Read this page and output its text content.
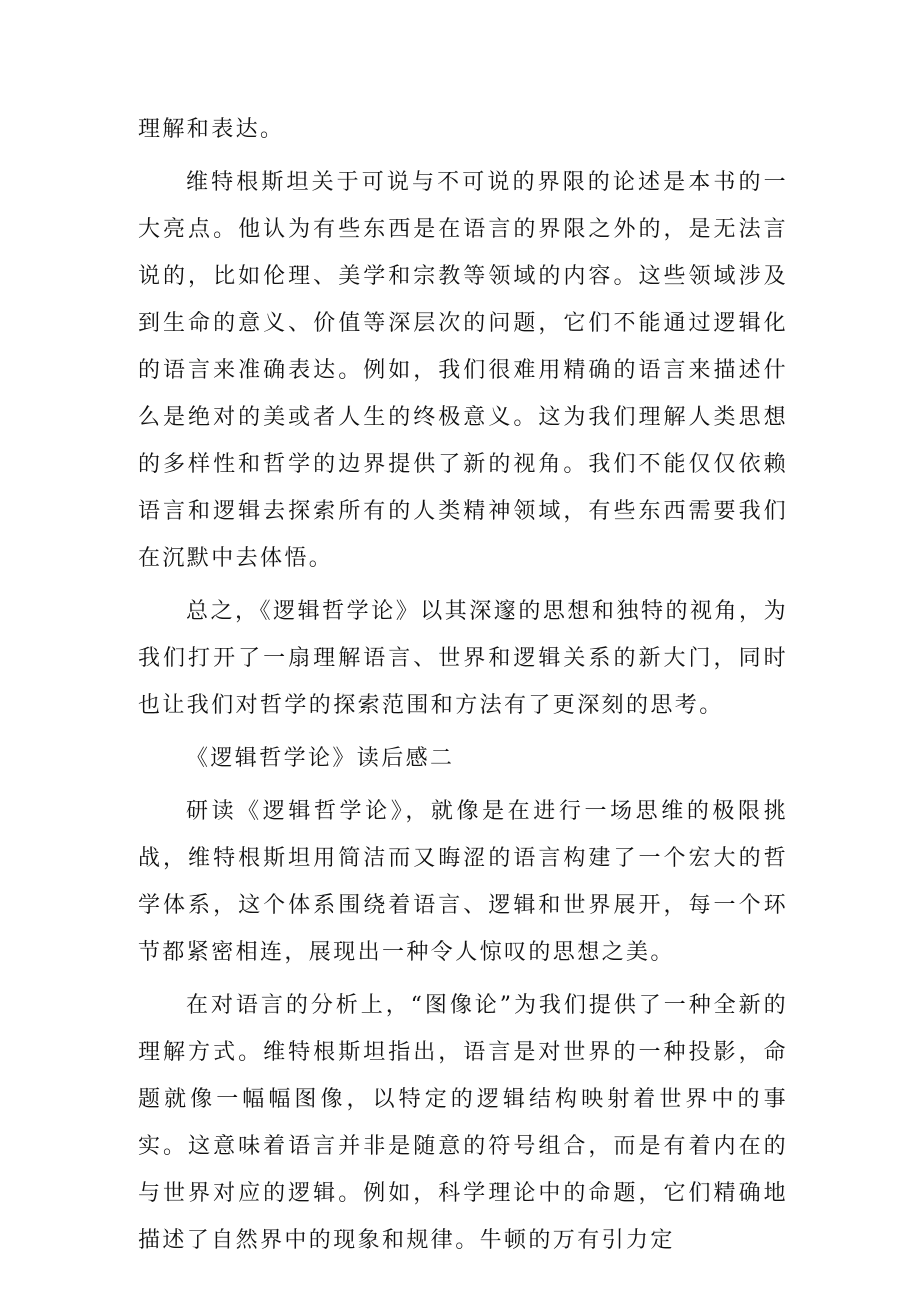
理解和表达。

维特根斯坦关于可说与不可说的界限的论述是本书的一大亮点。他认为有些东西是在语言的界限之外的，是无法言说的，比如伦理、美学和宗教等领域的内容。这些领域涉及到生命的意义、价值等深层次的问题，它们不能通过逻辑化的语言来准确表达。例如，我们很难用精确的语言来描述什么是绝对的美或者人生的终极意义。这为我们理解人类思想的多样性和哲学的边界提供了新的视角。我们不能仅仅依赖语言和逻辑去探索所有的人类精神领域，有些东西需要我们在沉默中去体悟。

总之，《逻辑哲学论》以其深邃的思想和独特的视角，为我们打开了一扇理解语言、世界和逻辑关系的新大门，同时也让我们对哲学的探索范围和方法有了更深刻的思考。

《逻辑哲学论》读后感二

研读《逻辑哲学论》，就像是在进行一场思维的极限挑战，维特根斯坦用简洁而又晦涩的语言构建了一个宏大的哲学体系，这个体系围绕着语言、逻辑和世界展开，每一个环节都紧密相连，展现出一种令人惊叹的思想之美。

在对语言的分析上，“图像论”为我们提供了一种全新的理解方式。维特根斯坦指出，语言是对世界的一种投影，命题就像一幅幅图像，以特定的逻辑结构映射着世界中的事实。这意味着语言并非是随意的符号组合，而是有着内在的与世界对应的逻辑。例如，科学理论中的命题，它们精确地描述了自然界中的现象和规律。牛顿的万有引力定
